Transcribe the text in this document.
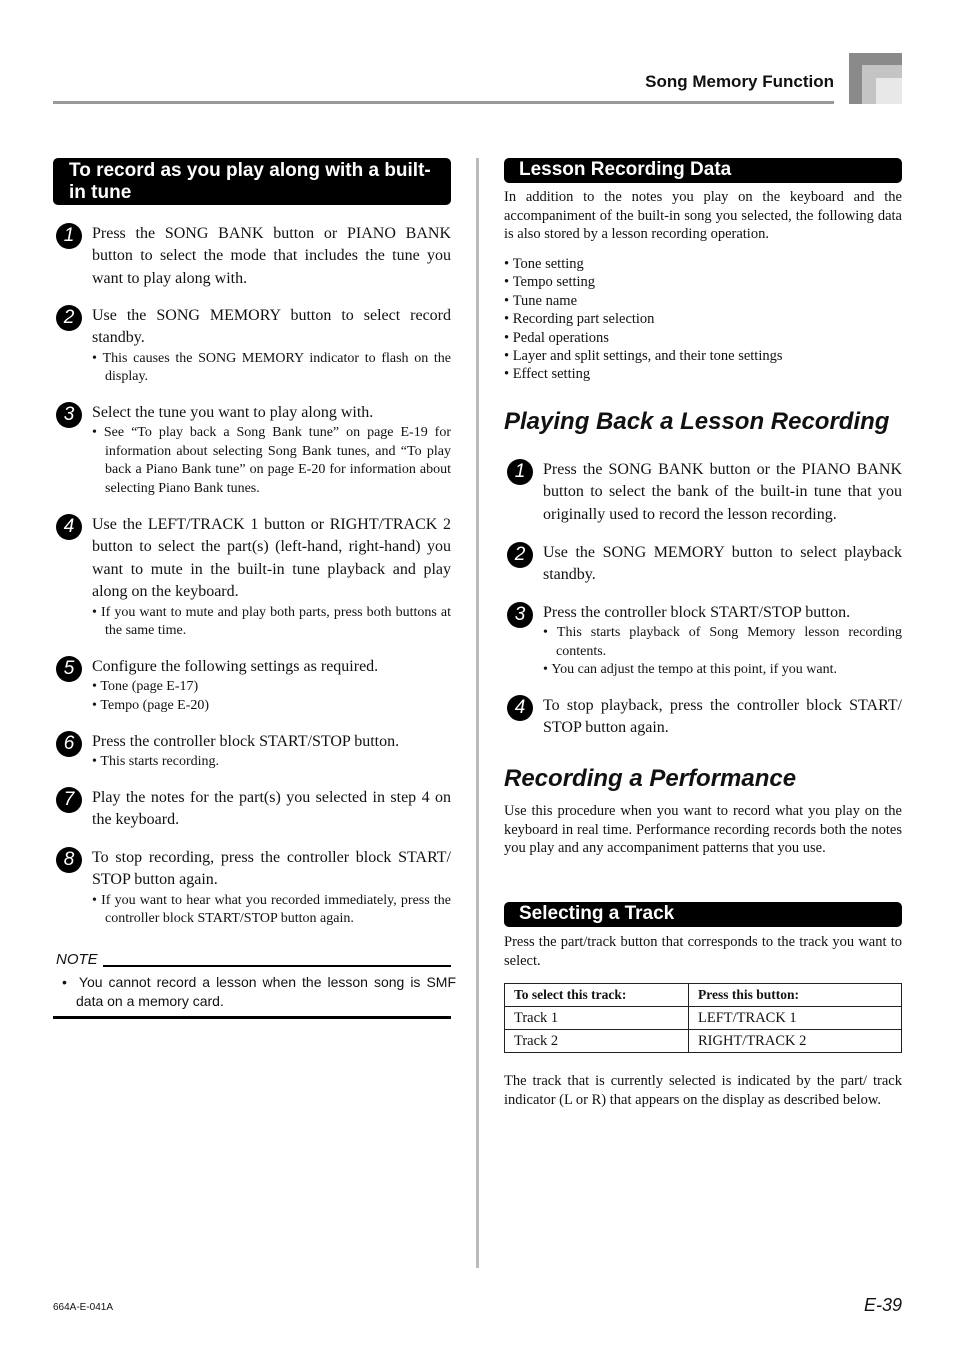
Song Memory Function
To record as you play along with a built-in tune
1	Press the SONG BANK button or PIANO BANK button to select the mode that includes the tune you want to play along with.
2	Use the SONG MEMORY button to select record standby.
• This causes the SONG MEMORY indicator to flash on the display.
3	Select the tune you want to play along with.
• See “To play back a Song Bank tune” on page E-19 for information about selecting Song Bank tunes, and “To play back a Piano Bank tune” on page E-20 for information about selecting Piano Bank tunes.
4	Use the LEFT/TRACK 1 button or RIGHT/TRACK 2 button to select the part(s) (left-hand, right-hand) you want to mute in the built-in tune playback and play along on the keyboard.
• If you want to mute and play both parts, press both buttons at the same time.
5	Configure the following settings as required.
• Tone (page E-17)
• Tempo (page E-20)
6	Press the controller block START/STOP button.
• This starts recording.
7	Play the notes for the part(s) you selected in step 4 on the keyboard.
8	To stop recording, press the controller block START/ STOP button again.
• If you want to hear what you recorded immediately, press the controller block START/STOP button again.
NOTE
•  You cannot record a lesson when the lesson song is SMF data on a memory card.
Lesson Recording Data
In addition to the notes you play on the keyboard and the accompaniment of the built-in song you selected, the following data is also stored by a lesson recording operation.
• Tone setting
• Tempo setting
• Tune name
• Recording part selection
• Pedal operations
• Layer and split settings, and their tone settings
• Effect setting
Playing Back a Lesson Recording
1	Press the SONG BANK button or the PIANO BANK button to select the bank of the built-in tune that you originally used to record the lesson recording.
2	Use the SONG MEMORY button to select playback standby.
3	Press the controller block START/STOP button.
• This starts playback of Song Memory lesson recording contents.
• You can adjust the tempo at this point, if you want.
4	To stop playback, press the controller block START/ STOP button again.
Recording a Performance
Use this procedure when you want to record what you play on the keyboard in real time. Performance recording records both the notes you play and any accompaniment patterns that you use.
Selecting a Track
Press the part/track button that corresponds to the track you want to select.
To select this track:	Press this button:
Track 1	LEFT/TRACK 1
Track 2	RIGHT/TRACK 2
The track that is currently selected is indicated by the part/ track indicator (L or R) that appears on the display as described below.
664A-E-041A	E-39
